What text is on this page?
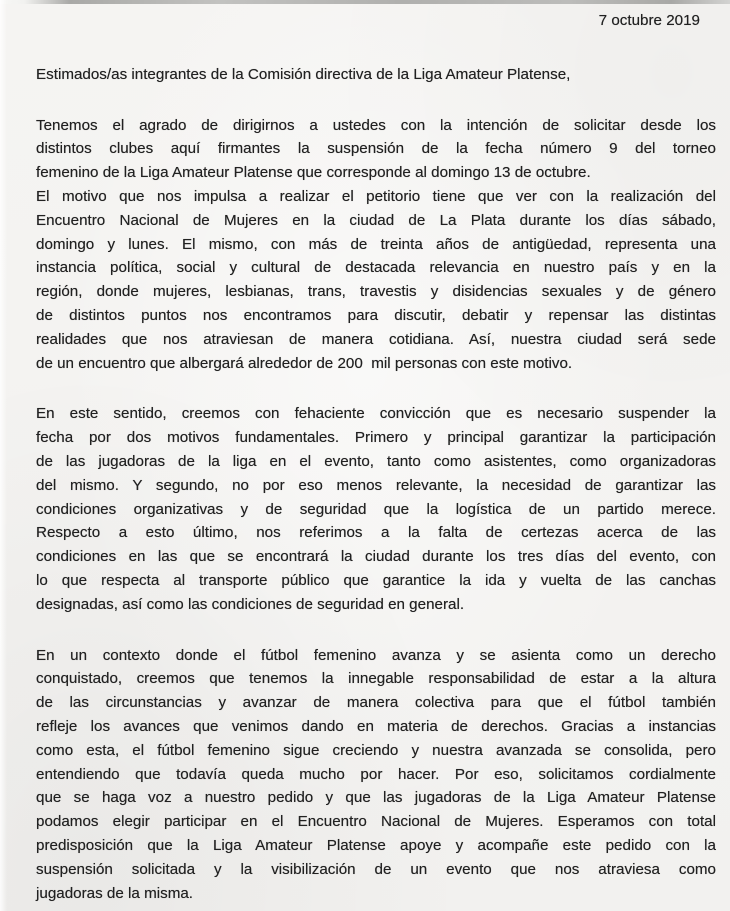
7 octubre 2019
Estimados/as integrantes de la Comisión directiva de la Liga Amateur Platense,
Tenemos el agrado de dirigirnos a ustedes con la intención de solicitar desde los
distintos clubes aquí firmantes la suspensión de la fecha número 9 del torneo
femenino de la Liga Amateur Platense que corresponde al domingo 13 de octubre.
El motivo que nos impulsa a realizar el petitorio tiene que ver con la realización del
Encuentro Nacional de Mujeres en la ciudad de La Plata durante los días sábado,
domingo y lunes. El mismo, con más de treinta años de antigüedad, representa una
instancia política, social y cultural de destacada relevancia en nuestro país y en la
región, donde mujeres, lesbianas, trans, travestis y disidencias sexuales y de género
de distintos puntos nos encontramos para discutir, debatir y repensar las distintas
realidades que nos atraviesan de manera cotidiana. Así, nuestra ciudad será sede
de un encuentro que albergará alrededor de 200  mil personas con este motivo.
En este sentido, creemos con fehaciente convicción que es necesario suspender la
fecha por dos motivos fundamentales. Primero y principal garantizar la participación
de las jugadoras de la liga en el evento, tanto como asistentes, como organizadoras
del mismo. Y segundo, no por eso menos relevante, la necesidad de garantizar las
condiciones organizativas y de seguridad que la logística de un partido merece.
Respecto a esto último, nos referimos a la falta de certezas acerca de las
condiciones en las que se encontrará la ciudad durante los tres días del evento, con
lo que respecta al transporte público que garantice la ida y vuelta de las canchas
designadas, así como las condiciones de seguridad en general.
En un contexto donde el fútbol femenino avanza y se asienta como un derecho
conquistado, creemos que tenemos la innegable responsabilidad de estar a la altura
de las circunstancias y avanzar de manera colectiva para que el fútbol también
refleje los avances que venimos dando en materia de derechos. Gracias a instancias
como esta, el fútbol femenino sigue creciendo y nuestra avanzada se consolida, pero
entendiendo que todavía queda mucho por hacer. Por eso, solicitamos cordialmente
que se haga voz a nuestro pedido y que las jugadoras de la Liga Amateur Platense
podamos elegir participar en el Encuentro Nacional de Mujeres. Esperamos con total
predisposición que la Liga Amateur Platense apoye y acompañe este pedido con la
suspensión solicitada y la visibilización de un evento que nos atraviesa como
jugadoras de la misma.
